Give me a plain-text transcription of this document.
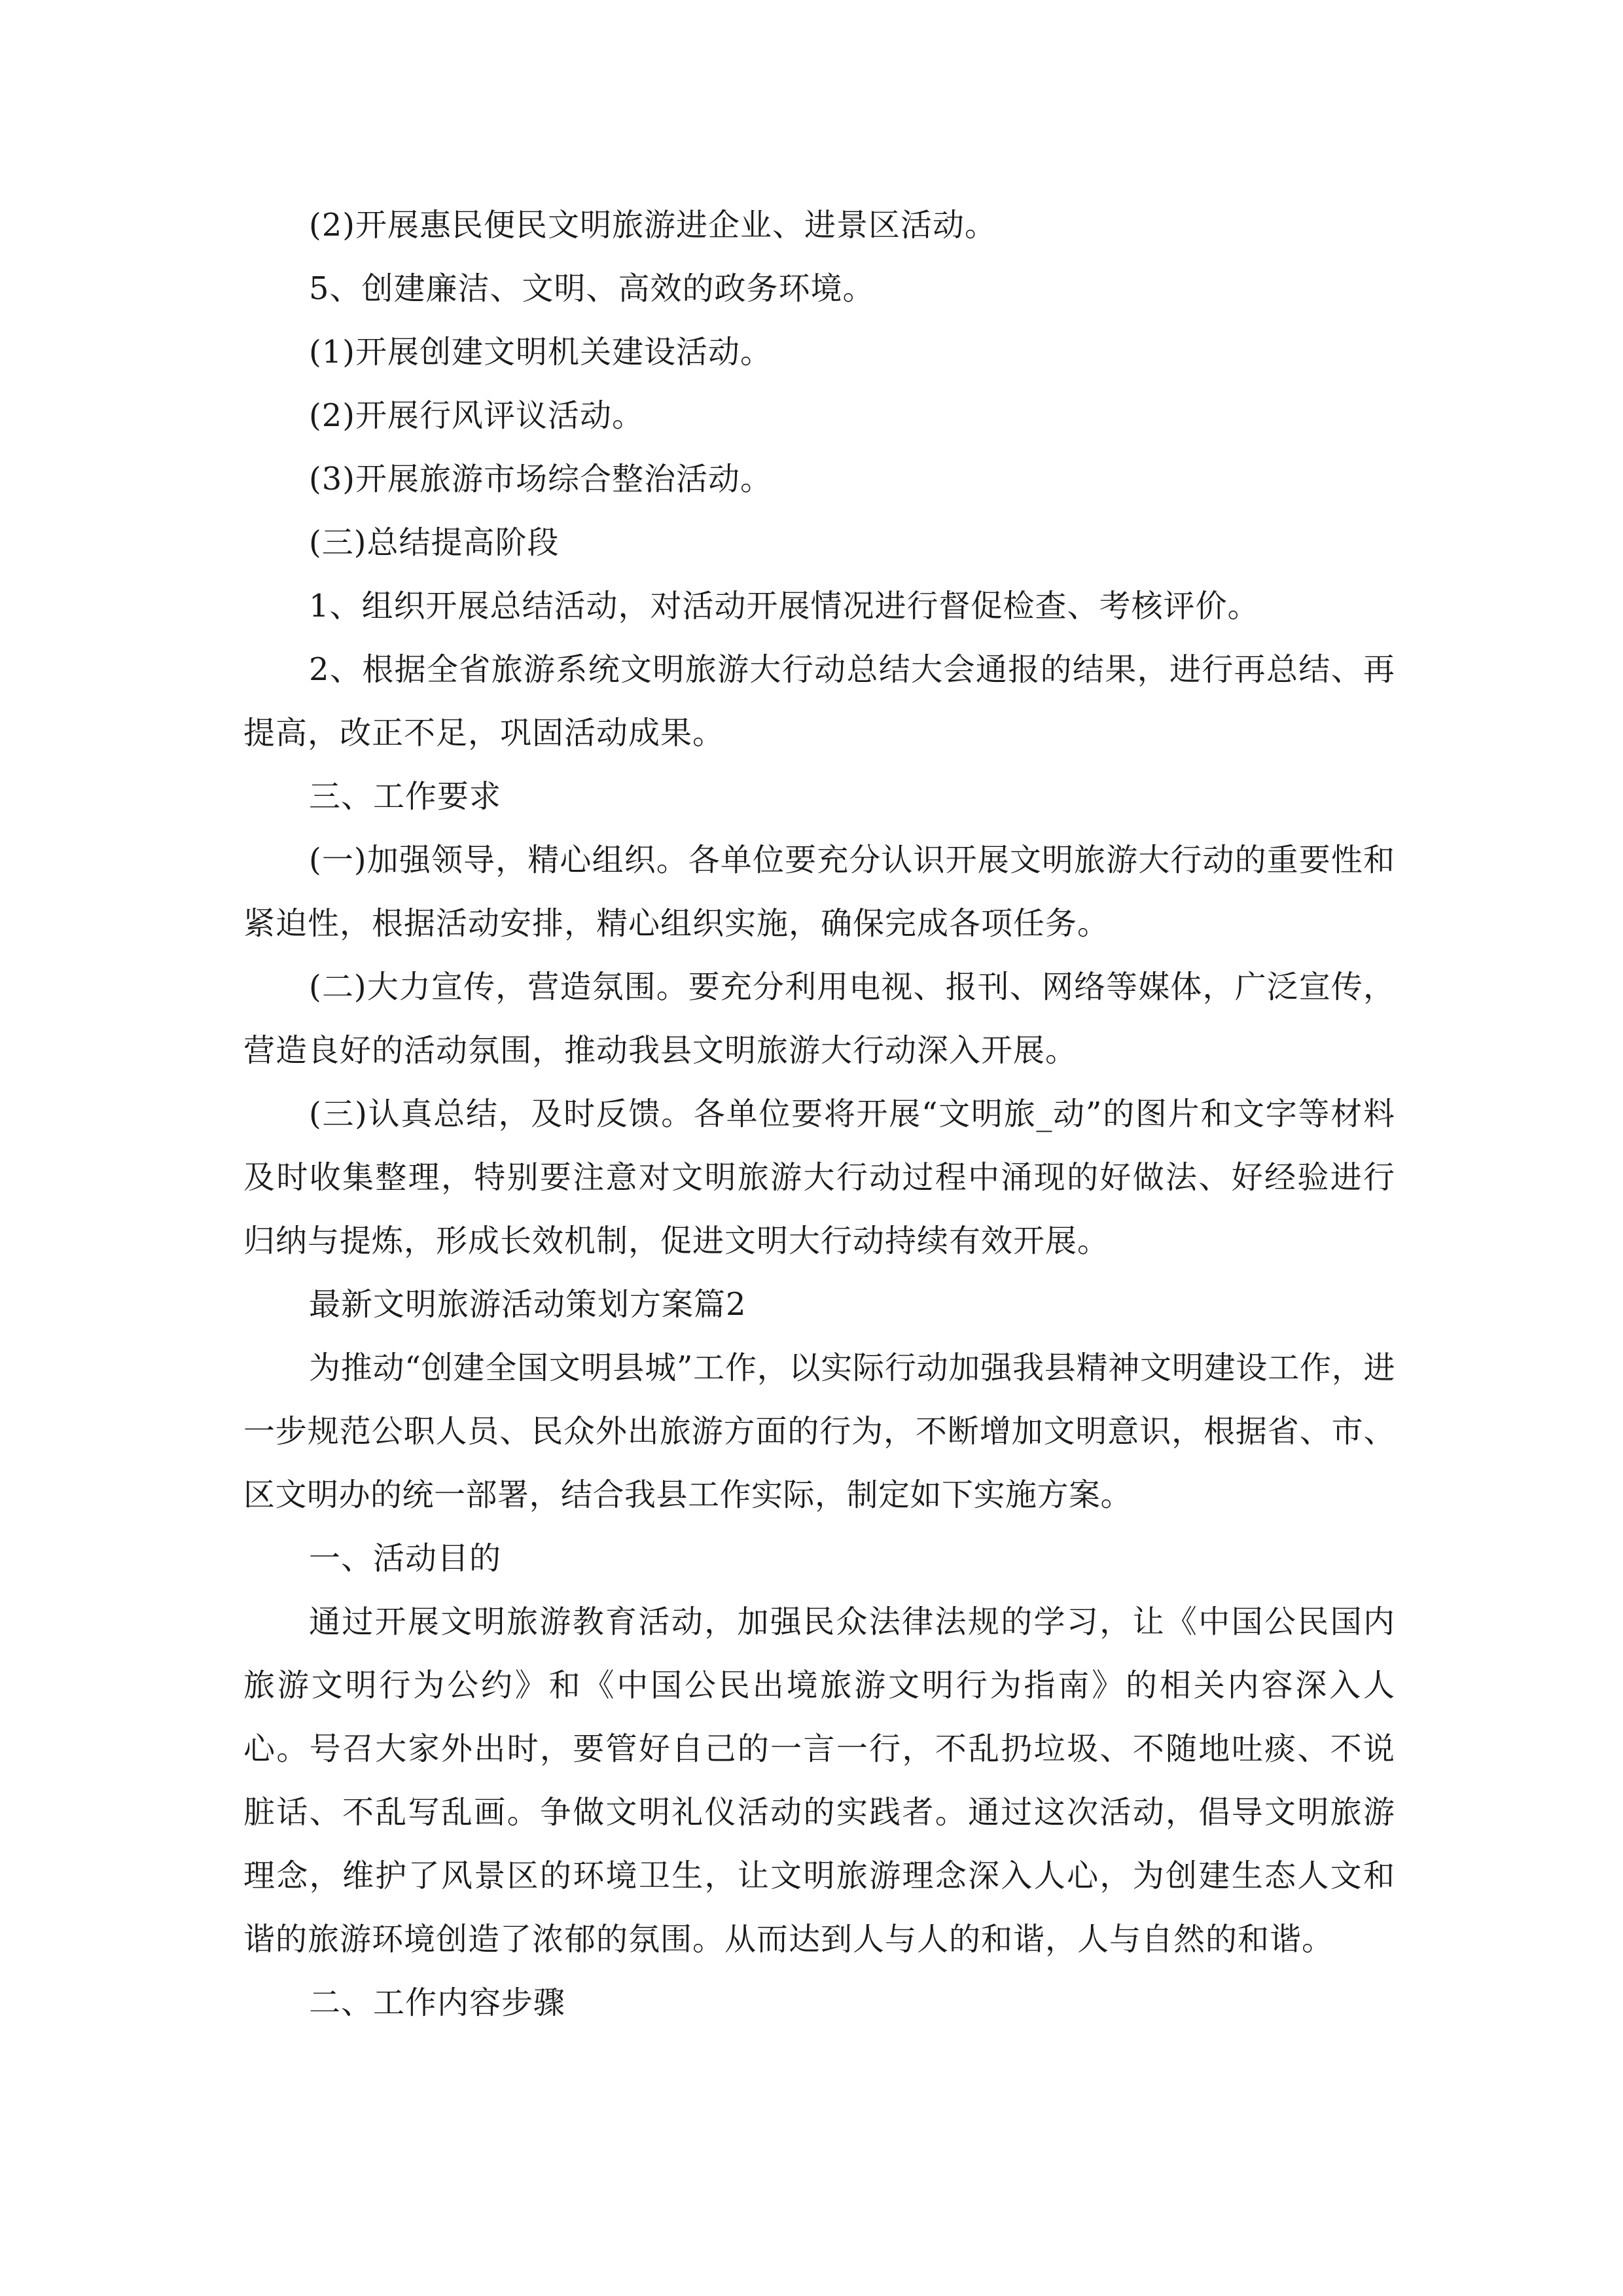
(2)开展惠民便民文明旅游进企业、进景区活动。

5、创建廉洁、文明、高效的政务环境。

(1)开展创建文明机关建设活动。

(2)开展行风评议活动。

(3)开展旅游市场综合整治活动。

(三)总结提高阶段

1、组织开展总结活动，对活动开展情况进行督促检查、考核评价。

2、根据全省旅游系统文明旅游大行动总结大会通报的结果，进行再总结、再提高，改正不足，巩固活动成果。

三、工作要求

(一)加强领导，精心组织。各单位要充分认识开展文明旅游大行动的重要性和紧迫性，根据活动安排，精心组织实施，确保完成各项任务。

(二)大力宣传，营造氛围。要充分利用电视、报刊、网络等媒体，广泛宣传，营造良好的活动氛围，推动我县文明旅游大行动深入开展。

(三)认真总结，及时反馈。各单位要将开展“文明旅_动”的图片和文字等材料及时收集整理，特别要注意对文明旅游大行动过程中涌现的好做法、好经验进行归纳与提炼，形成长效机制，促进文明大行动持续有效开展。

最新文明旅游活动策划方案篇2

为推动“创建全国文明县城”工作，以实际行动加强我县精神文明建设工作，进一步规范公职人员、民众外出旅游方面的行为，不断增加文明意识，根据省、市、区文明办的统一部署，结合我县工作实际，制定如下实施方案。

一、活动目的

通过开展文明旅游教育活动，加强民众法律法规的学习，让《中国公民国内旅游文明行为公约》和《中国公民出境旅游文明行为指南》的相关内容深入人心。号召大家外出时，要管好自己的一言一行，不乱扔垃圾、不随地吐痰、不说脏话、不乱写乱画。争做文明礼仪活动的实践者。通过这次活动，倡导文明旅游理念，维护了风景区的环境卫生，让文明旅游理念深入人心，为创建生态人文和谐的旅游环境创造了浓郁的氛围。从而达到人与人的和谐，人与自然的和谐。

二、工作内容步骤
